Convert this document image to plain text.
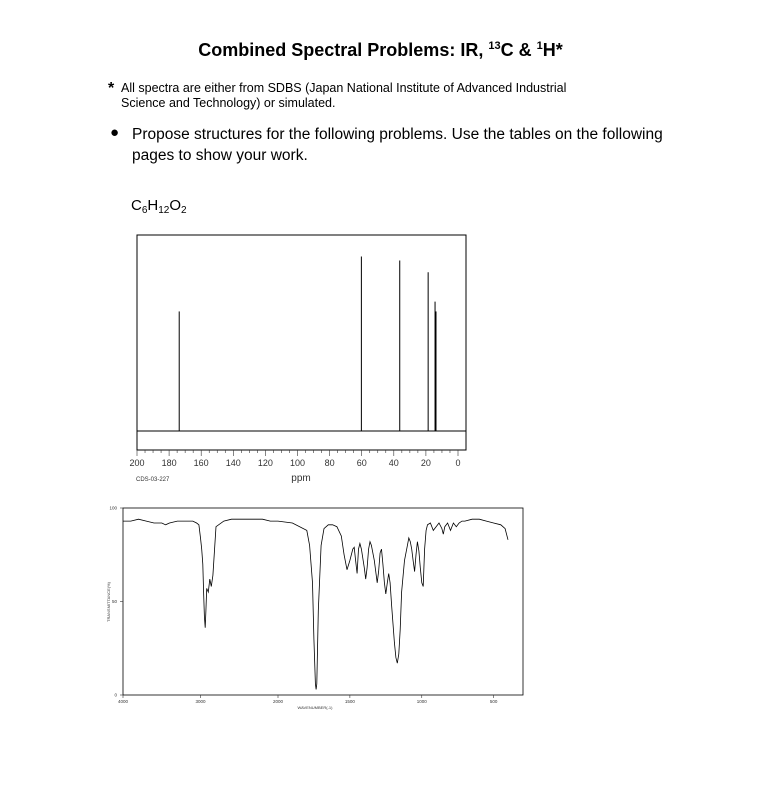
Combined Spectral Problems: IR, $^{13}$C & $^1$H*
* All spectra are either from SDBS (Japan National Institute of Advanced Industrial Science and Technology) or simulated.
● Propose structures for the following problems. Use the tables on the following pages to show your work.
$C_6H_{12}O_2$
200 180 160 140 120 100 80 60 40 20	0
CDS-03-227	ppm
4000	3000	2000	1500	1000	500
0
50
100
WAVENUMBER(-1)
TRANSMITTANCE(%)
